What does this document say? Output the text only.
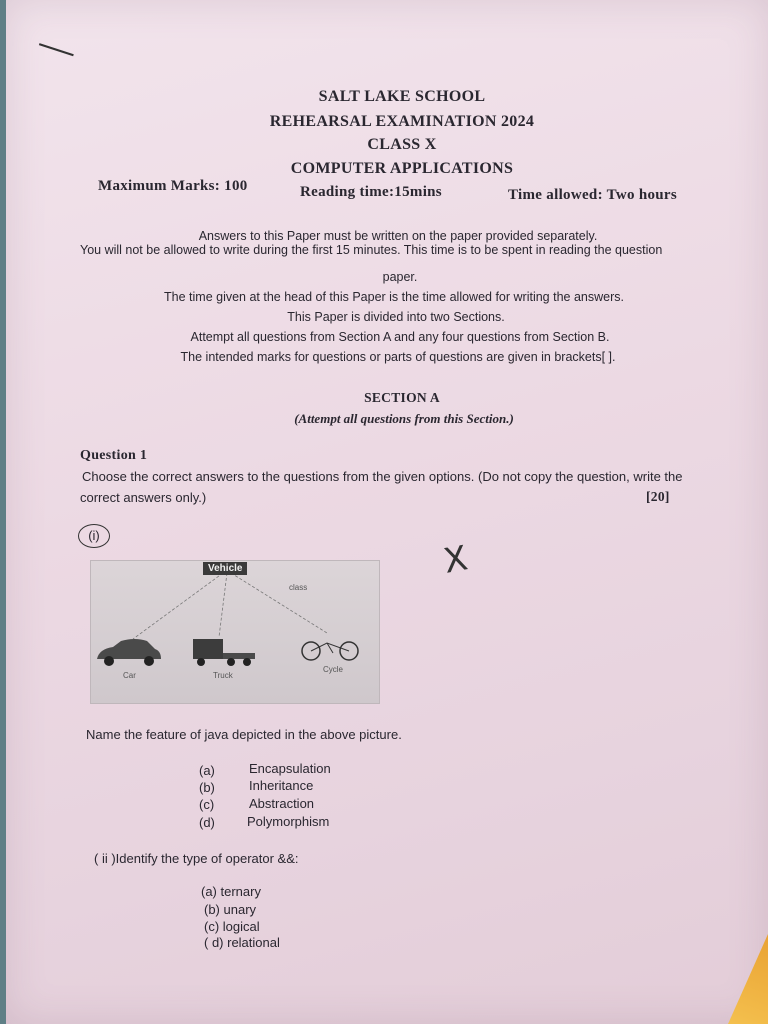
SALT LAKE SCHOOL
REHEARSAL EXAMINATION 2024
CLASS X
COMPUTER APPLICATIONS
Maximum Marks: 100	Reading time:15mins	Time allowed: Two hours
Answers to this Paper must be written on the paper provided separately.
You will not be allowed to write during the first 15 minutes. This time is to be spent in reading the question
paper.
The time given at the head of this Paper is the time allowed for writing the answers.
This Paper is divided into two Sections.
Attempt all questions from Section A and any four questions from Section B.
The intended marks for questions or parts of questions are given in brackets[ ].
SECTION A
(Attempt all questions from this Section.)
Question 1
Choose the correct answers to the questions from the given options. (Do not copy the question, write the
correct answers only.)	[20]
(i)
X
Vehicle
class
Car	Truck
Cycle
Name the feature of java depicted in the above picture.
(a)	Encapsulation
(b)	Inheritance
(c)	Abstraction
(d) Polymorphism
( ii )Identify the type of operator &&:
(a) ternary
(b) unary
(c) logical
( d) relational
